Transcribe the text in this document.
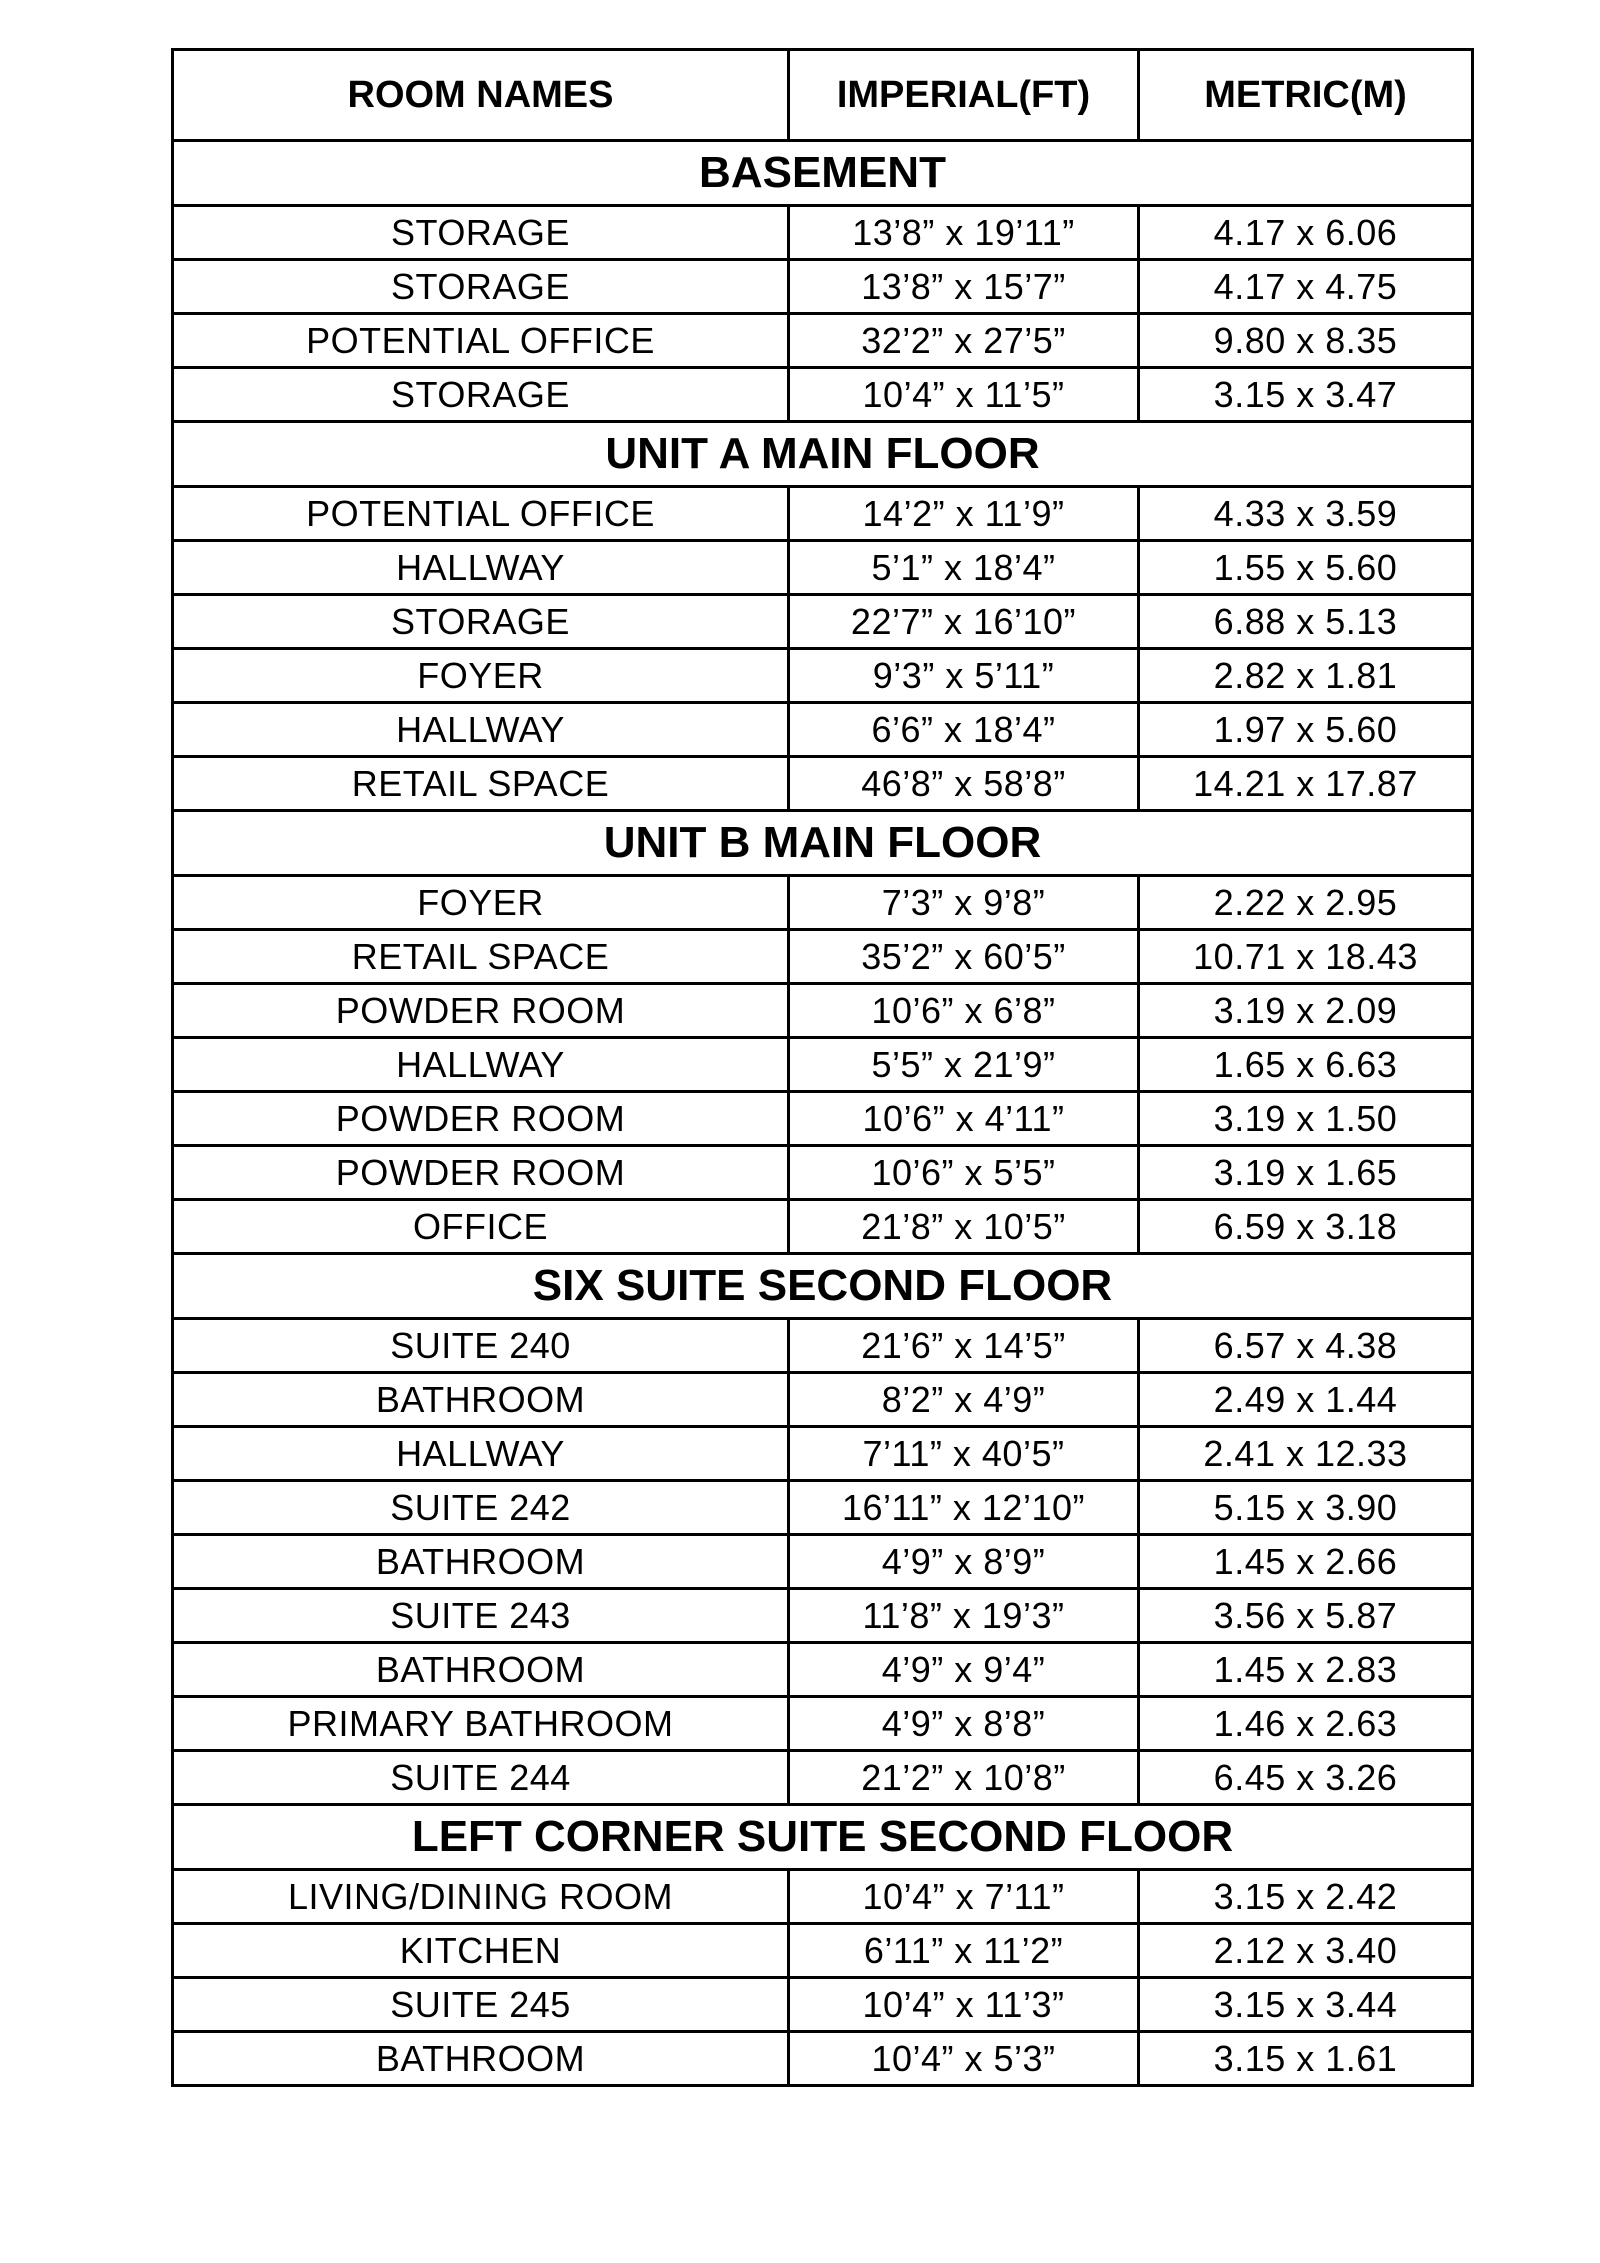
ROOM NAMES	IMPERIAL(FT)	METRIC(M)
BASEMENT		
STORAGE	13’8” x 19’11”	4.17 x 6.06
STORAGE	13’8” x 15’7”	4.17 x 4.75
POTENTIAL OFFICE	32’2” x 27’5”	9.80 x 8.35
STORAGE	10’4” x 11’5”	3.15 x 3.47
UNIT A MAIN FLOOR		
POTENTIAL OFFICE	14’2” x 11’9”	4.33 x 3.59
HALLWAY	5’1” x 18’4”	1.55 x 5.60
STORAGE	22’7” x 16’10”	6.88 x 5.13
FOYER	9’3” x 5’11”	2.82 x 1.81
HALLWAY	6’6” x 18’4”	1.97 x 5.60
RETAIL SPACE	46’8” x 58’8”	14.21 x 17.87
UNIT B MAIN FLOOR		
FOYER	7’3” x 9’8”	2.22 x 2.95
RETAIL SPACE	35’2” x 60’5”	10.71 x 18.43
POWDER ROOM	10’6” x 6’8”	3.19 x 2.09
HALLWAY	5’5” x 21’9”	1.65 x 6.63
POWDER ROOM	10’6” x 4’11”	3.19 x 1.50
POWDER ROOM	10’6” x 5’5”	3.19 x 1.65
OFFICE	21’8” x 10’5”	6.59 x 3.18
SIX SUITE SECOND FLOOR		
SUITE 240	21’6” x 14’5”	6.57 x 4.38
BATHROOM	8’2” x 4’9”	2.49 x 1.44
HALLWAY	7’11” x 40’5”	2.41 x 12.33
SUITE 242	16’11” x 12’10”	5.15 x 3.90
BATHROOM	4’9” x 8’9”	1.45 x 2.66
SUITE 243	11’8” x 19’3”	3.56 x 5.87
BATHROOM	4’9” x 9’4”	1.45 x 2.83
PRIMARY BATHROOM	4’9” x 8’8”	1.46 x 2.63
SUITE 244	21’2” x 10’8”	6.45 x 3.26
LEFT CORNER SUITE SECOND FLOOR		
LIVING/DINING ROOM	10’4” x 7’11”	3.15 x 2.42
KITCHEN	6’11” x 11’2”	2.12 x 3.40
SUITE 245	10’4” x 11’3”	3.15 x 3.44
BATHROOM	10’4” x 5’3”	3.15 x 1.61
